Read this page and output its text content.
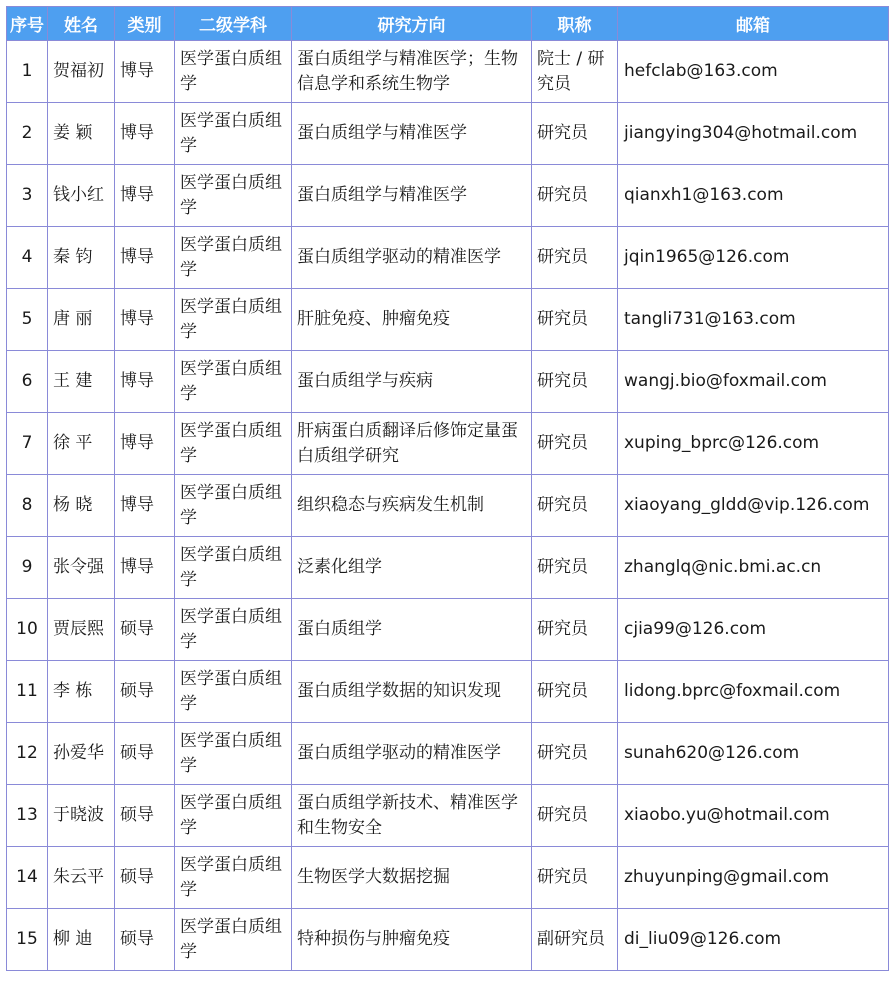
序号	姓名	类别	二级学科	研究方向	职称	邮箱
1	贺福初	博导	医学蛋白质组学	蛋白质组学与精准医学；生物信息学和系统生物学	院士 / 研究员	hefclab@163.com
2	姜 颖	博导	医学蛋白质组学	蛋白质组学与精准医学	研究员	jiangying304@hotmail.com
3	钱小红	博导	医学蛋白质组学	蛋白质组学与精准医学	研究员	qianxh1@163.com
4	秦 钧	博导	医学蛋白质组学	蛋白质组学驱动的精准医学	研究员	jqin1965@126.com
5	唐 丽	博导	医学蛋白质组学	肝脏免疫、肿瘤免疫	研究员	tangli731@163.com
6	王 建	博导	医学蛋白质组学	蛋白质组学与疾病	研究员	wangj.bio@foxmail.com
7	徐 平	博导	医学蛋白质组学	肝病蛋白质翻译后修饰定量蛋白质组学研究	研究员	xuping_bprc@126.com
8	杨 晓	博导	医学蛋白质组学	组织稳态与疾病发生机制	研究员	xiaoyang_gldd@vip.126.com
9	张令强	博导	医学蛋白质组学	泛素化组学	研究员	zhanglq@nic.bmi.ac.cn
10	贾辰熙	硕导	医学蛋白质组学	蛋白质组学	研究员	cjia99@126.com
11	李 栋	硕导	医学蛋白质组学	蛋白质组学数据的知识发现	研究员	lidong.bprc@foxmail.com
12	孙爱华	硕导	医学蛋白质组学	蛋白质组学驱动的精准医学	研究员	sunah620@126.com
13	于晓波	硕导	医学蛋白质组学	蛋白质组学新技术、精准医学和生物安全	研究员	xiaobo.yu@hotmail.com
14	朱云平	硕导	医学蛋白质组学	生物医学大数据挖掘	研究员	zhuyunping@gmail.com
15	柳 迪	硕导	医学蛋白质组学	特种损伤与肿瘤免疫	副研究员	di_liu09@126.com
